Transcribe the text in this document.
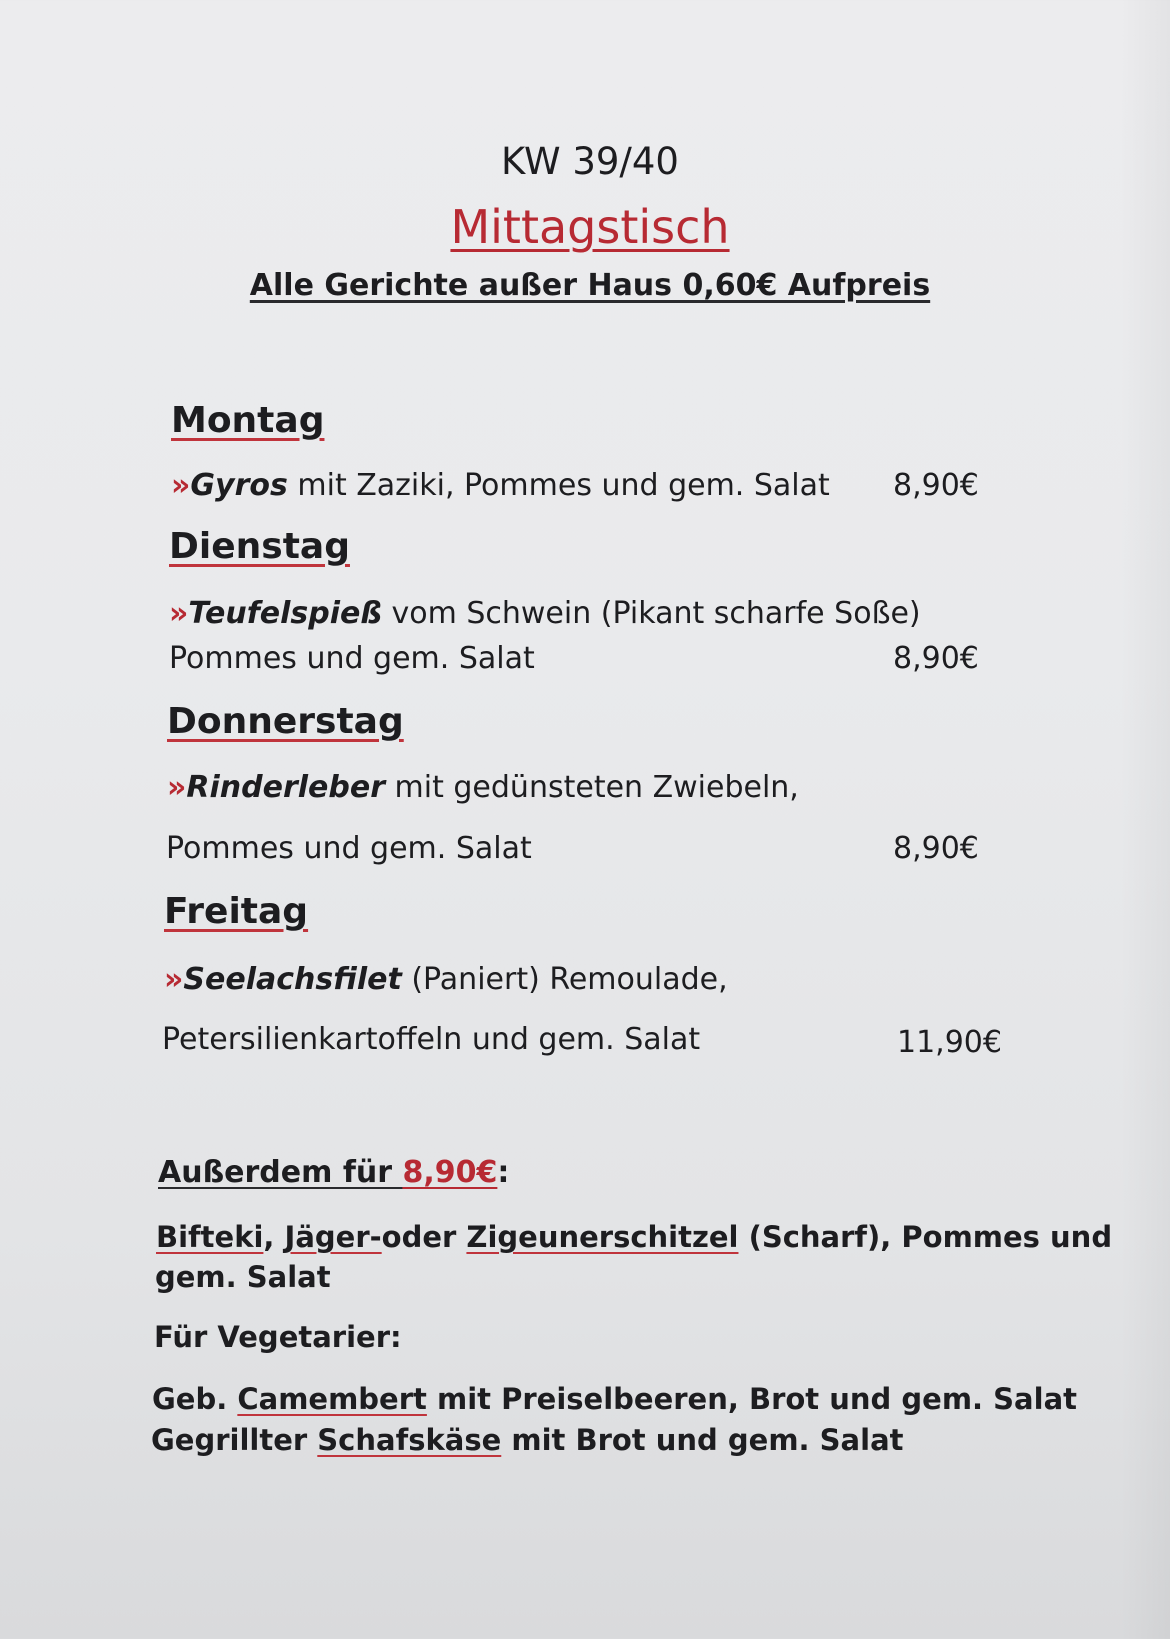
KW 39/40
Mittagstisch
Alle Gerichte außer Haus 0,60€ Aufpreis
Montag
»Gyros mit Zaziki, Pommes und gem. Salat 8,90€
Dienstag
»Teufelspieß vom Schwein (Pikant scharfe Soße)
Pommes und gem. Salat	8,90€
Donnerstag
»Rinderleber mit gedünsteten Zwiebeln,
Pommes und gem. Salat	8,90€
Freitag
»Seelachsfilet (Paniert) Remoulade,
Petersilienkartoffeln und gem. Salat	11,90€
Außerdem für 8,90€:
Bifteki, Jäger-oder Zigeunerschitzel (Scharf), Pommes und
gem. Salat
Für Vegetarier:
Geb. Camembert mit Preiselbeeren, Brot und gem. Salat
Gegrillter Schafskäse mit Brot und gem. Salat
